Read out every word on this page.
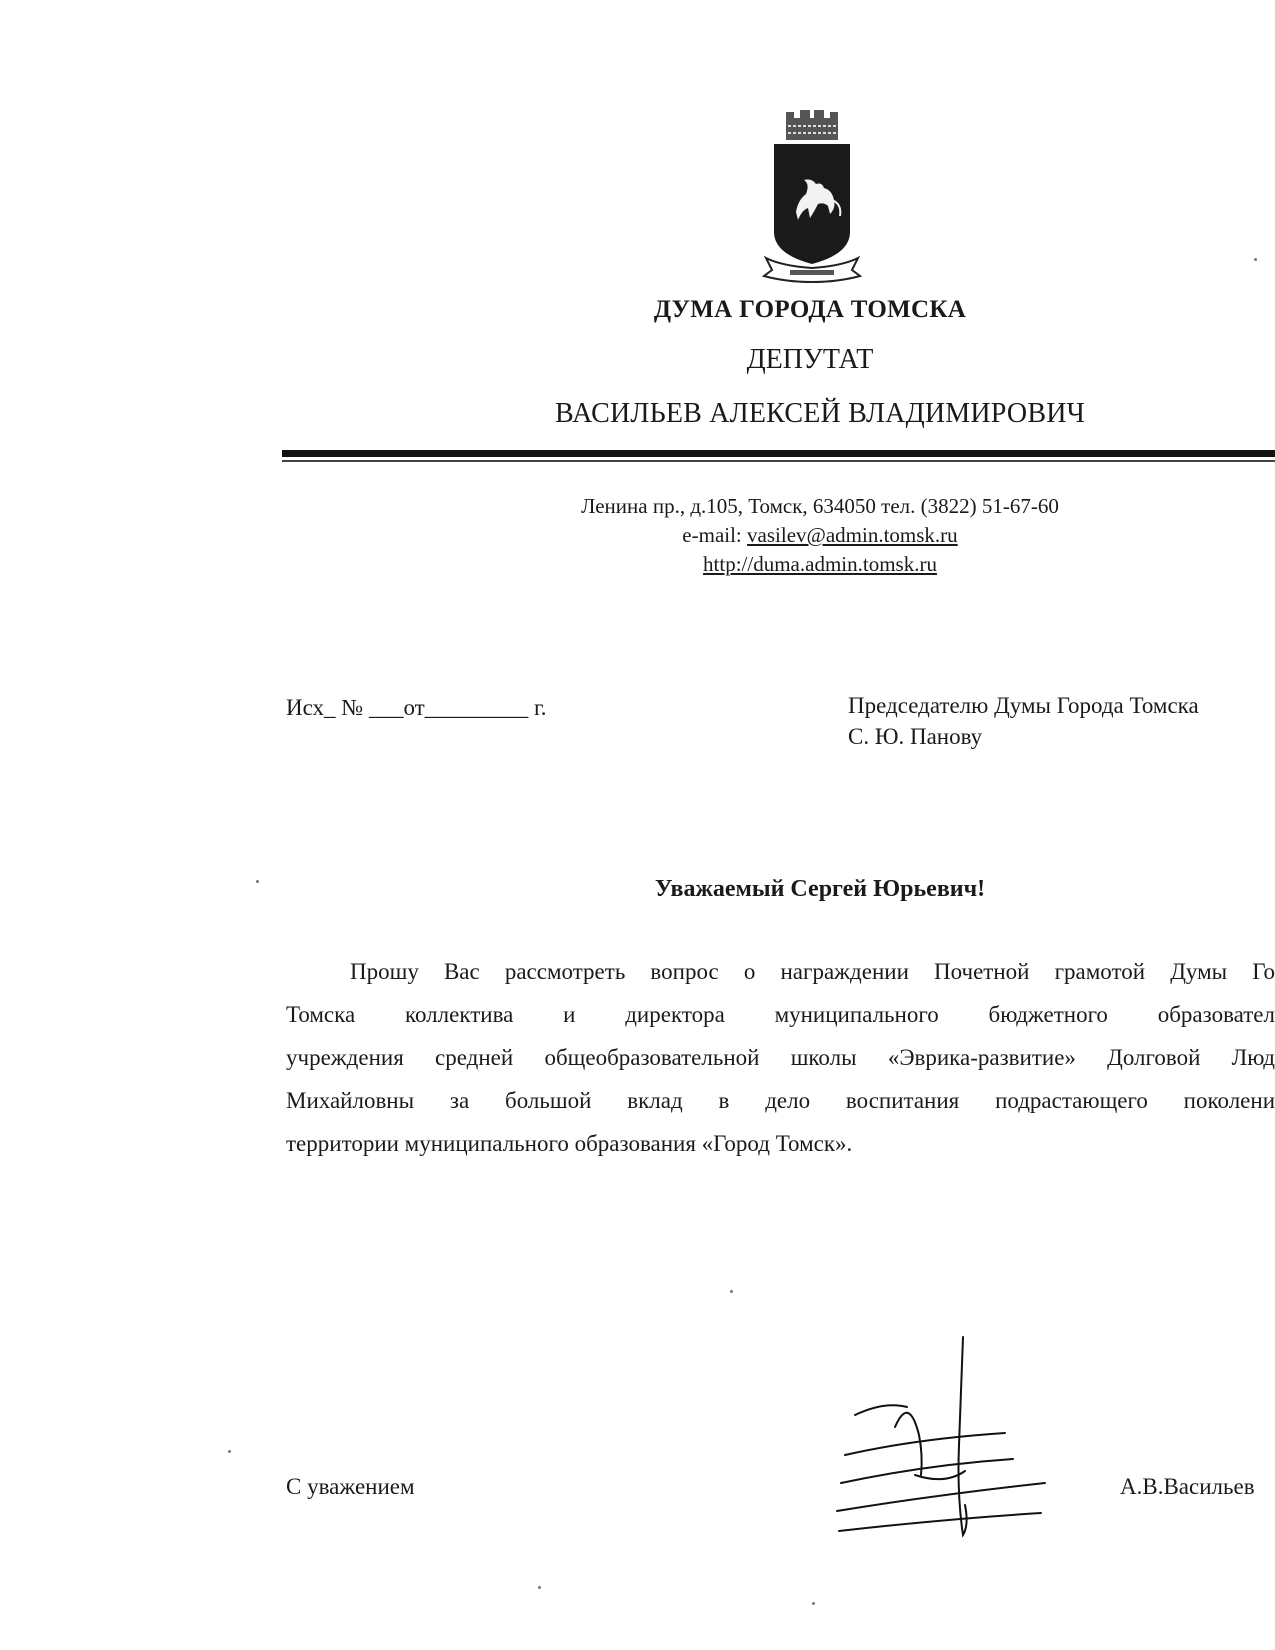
ДУМА ГОРОДА ТОМСКА
ДЕПУТАТ
ВАСИЛЬЕВ АЛЕКСЕЙ ВЛАДИМИРОВИЧ
Ленина пр., д.105, Томск, 634050 тел. (3822) 51-67-60
e-mail: vasilev@admin.tomsk.ru
http://duma.admin.tomsk.ru
Исх_ № ___от_________ г.	Председателю Думы Города Томска
С. Ю. Панову
Уважаемый Сергей Юрьевич!
Прошу Вас рассмотреть вопрос о награждении Почетной грамотой Думы Го
Томска коллектива и директора муниципального бюджетного образовател
учреждения средней общеобразовательной школы «Эврика-развитие» Долговой Люд
Михайловны за большой вклад в дело воспитания подрастающего поколени
территории муниципального образования «Город Томск».
С уважением	А.В.Васильев
